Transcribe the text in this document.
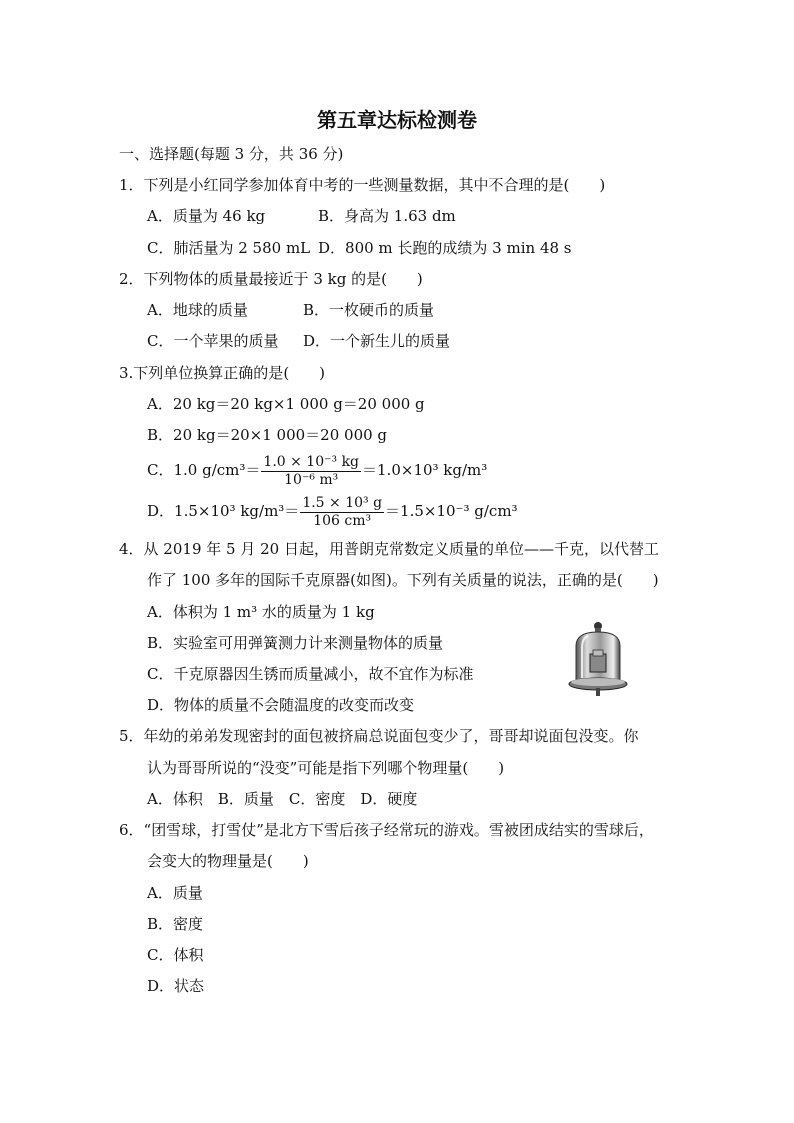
第五章达标检测卷
一、选择题(每题 3 分，共 36 分)
1．下列是小红同学参加体育中考的一些测量数据，其中不合理的是(　　)
A．质量为 46 kg	B．身高为 1.63 dm
C．肺活量为 2 580 mL D．800 m 长跑的成绩为 3 min 48 s
2．下列物体的质量最接近于 3 kg 的是(　　)
A．地球的质量	B．一枚硬币的质量
C．一个苹果的质量 D．一个新生儿的质量
3.下列单位换算正确的是(　　)
A．20 kg＝20 kg×1 000 g＝20 000 g
B．20 kg＝20×1 000＝20 000 g
C．1.0 $g/cm^3= \frac{\text{1.0 × 10⁻³ kg}}{\text{10⁻⁶ m³}} =1.0\times 10^3$ kg/m³
D．1.5×10³ $kg/m^3= \frac{\text{1.5 × 10³ g}}{\text{106 cm³}} =1.5\times 10^{-3}$ g/cm³
4．从 2019 年 5 月 20 日起，用普朗克常数定义质量的单位——千克，以代替工
作了 100 多年的国际千克原器(如图)。下列有关质量的说法，正确的是(　　)
A．体积为 1 m³ 水的质量为 1 kg
B．实验室可用弹簧测力计来测量物体的质量
C．千克原器因生锈而质量减小，故不宜作为标准
D．物体的质量不会随温度的改变而改变
5．年幼的弟弟发现密封的面包被挤扁总说面包变少了，哥哥却说面包没变。你
认为哥哥所说的“没变”可能是指下列哪个物理量(　　)
A．体积　B．质量　C．密度　D．硬度
6．“团雪球，打雪仗”是北方下雪后孩子经常玩的游戏。雪被团成结实的雪球后，
会变大的物理量是(　　)
A．质量
B．密度
C．体积
D．状态
